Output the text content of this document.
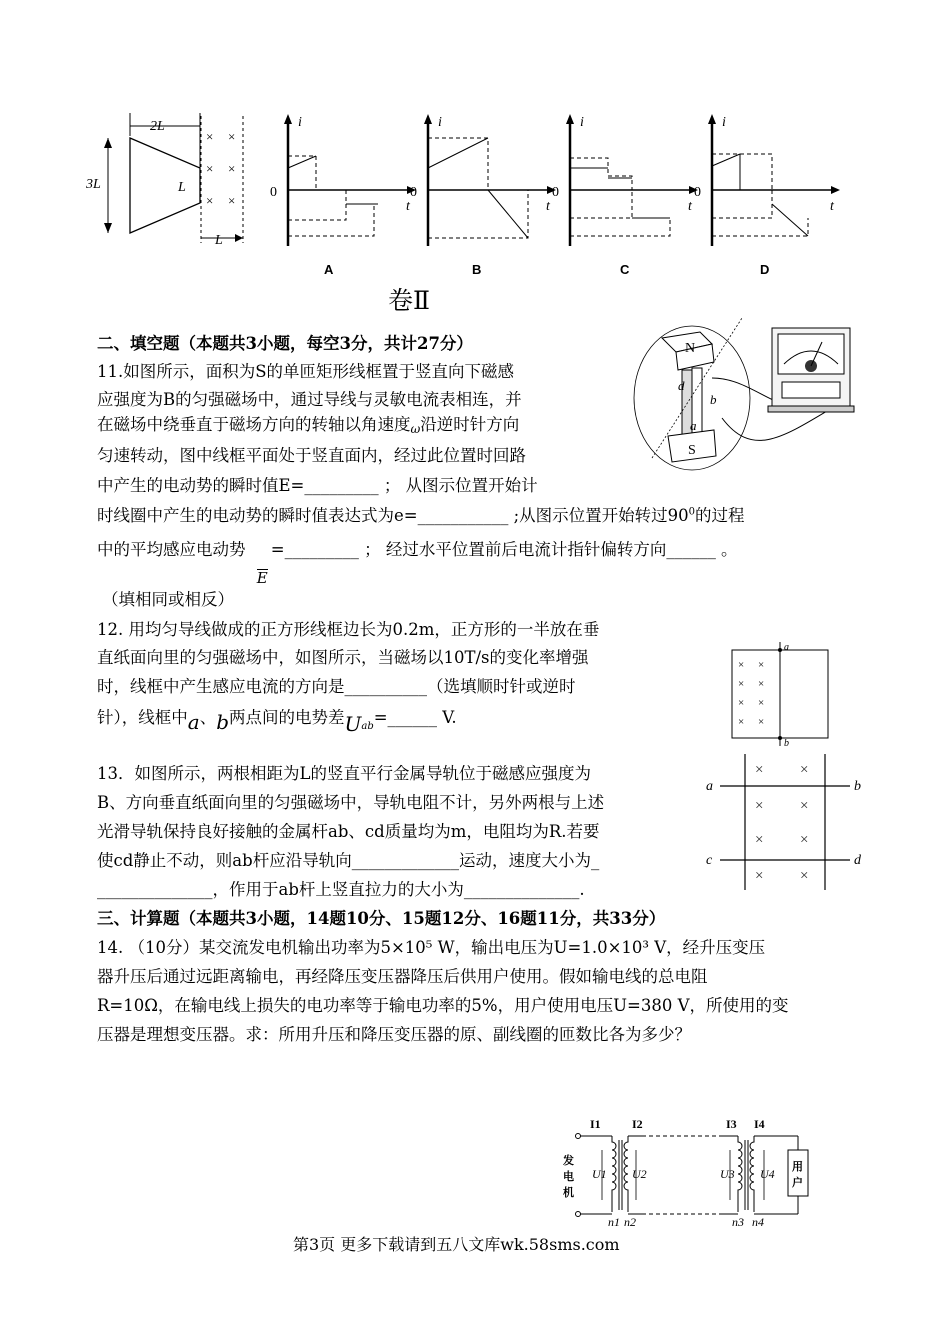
2L
L
3L
× ×
× ×
× ×
L
i
0
t
i
0
t
i
0
t
i
0
t
A	B	C	D
卷Ⅱ
二、填空题（本题共3小题，每空3分，共计27分）	N
S
d
b
a
11.如图所示，面积为S的单匝矩形线框置于竖直向下磁感
应强度为B的匀强磁场中，通过导线与灵敏电流表相连，并
在磁场中绕垂直于磁场方向的转轴以角速度ω沿逆时针方向
匀速转动，图中线框平面处于竖直面内，经过此位置时回路
中产生的电动势的瞬时值E=_________ ； 从图示位置开始计
时线圈中产生的电动势的瞬时值表达式为e=___________ ;从图示位置开始转过$90^0$的过程
中的平均感应电动势
E
=_________ ； 经过水平位置前后电流计指针偏转方向______ 。
（填相同或相反）
12. 用均匀导线做成的正方形线框边长为0.2m，正方形的一半放在垂
直纸面向里的匀强磁场中，如图所示，当磁场以10T/s的变化率增强
时，线框中产生感应电流的方向是__________（选填顺时针或逆时
针），线框中a、b两点间的电势差$U_{ab}=\_\_\_\_\_\_$ V.
a
b
× ×
× ×
× ×
× ×
13．如图所示，两根相距为L的竖直平行金属导轨位于磁感应强度为
B、方向垂直纸面向里的匀强磁场中，导轨电阻不计，另外两根与上述
光滑导轨保持良好接触的金属杆ab、cd质量均为m，电阻均为R.若要
使cd静止不动，则ab杆应沿导轨向_____________运动，速度大小为_
______________，作用于ab杆上竖直拉力的大小为______________.
a	b
c	d
× ×
× ×
× ×
× ×
三、计算题（本题共3小题，14题10分、15题12分、16题11分，共33分）
14. （10分）某交流发电机输出功率为5×10⁵ W，输出电压为U=1.0×10³ V，经升压变压
器升压后通过远距离输电，再经降压变压器降压后供用户使用。假如输电线的总电阻
R=10Ω，在输电线上损失的电功率等于输电功率的5%，用户使用电压U=380 V，所使用的变
压器是理想变压器。求：所用升压和降压变压器的原、副线圈的匝数比各为多少？
I1	I2	I3 I4
用
户
发
电
机
U1 U2	U3 U4
n1 n2	n3 n4
第3页 更多下载请到五八文库wk.58sms.com
